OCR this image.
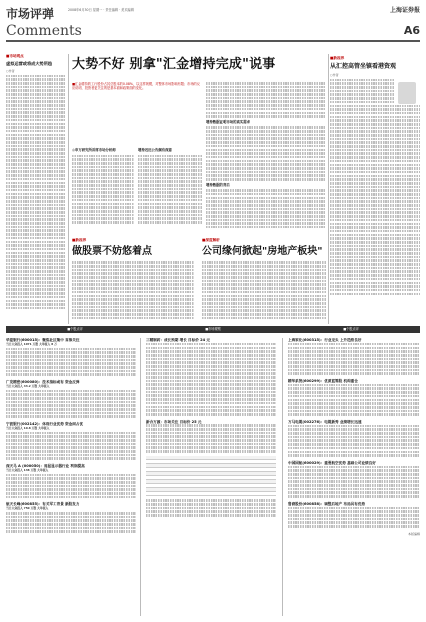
市场评弹	2008年6月30日 星期一 · 责任编辑 · 美术编辑	上海证券报
Comments	A6
■市场观点
虚拟运营或将成大势所趋
○作者	大势不好 别拿"汇金增持完成"说事
■汇金增持的工行股份占其总股本的0.08%，以这样规模，对整体市场影响有限；市场的反应说明，投资者更关注的是基本面和政策面的变化。
增持数据证明市场的真实需求
增持数据的背后
◎申万研究所首席市场分析师	增持迟迟公告颇有深意
■新视界
从汇控高管坐镇看港资观
○作者
■新视界
做股票不妨悠着点
■深度解析
公司缘何掀起"房地产板块"
■个股点评	■市场观察	■个股点评
华夏银行(600015)：聚焦社区集中 首推关注
当日大众投入 1071 万股 大单流入 8 万
广发精密(600080)：技术指标或有 资金反弹
当日大众投入 43.2 万股 大单流入
宁波银行(002142)：体现行业优势 资金面占优
当日大众投入 10.8 万股 大单流入
深天马 A (000050)：周显显示器行业 利润提高
当日大众投入 138 万股 大单流入
航天长峰(600855)：有关军工背景 新股发力
当日大众投入 750 万股 大单流入
三精制药：成长预期 增长 目标价 24 元
新合万源：市场关注 目标价 25 元

上海家化(600315)：行业龙头 上升趋势良好
精华系统(600299)：优质蓝筹股 机构重仓
万马电缆(002276)：电缆新秀 业绩增长迅速
中国国航(600029)：重要航空优势 基础公司业绩良好
鲁商股份(600858)：调整后地产 布局具有优势
本版编辑
